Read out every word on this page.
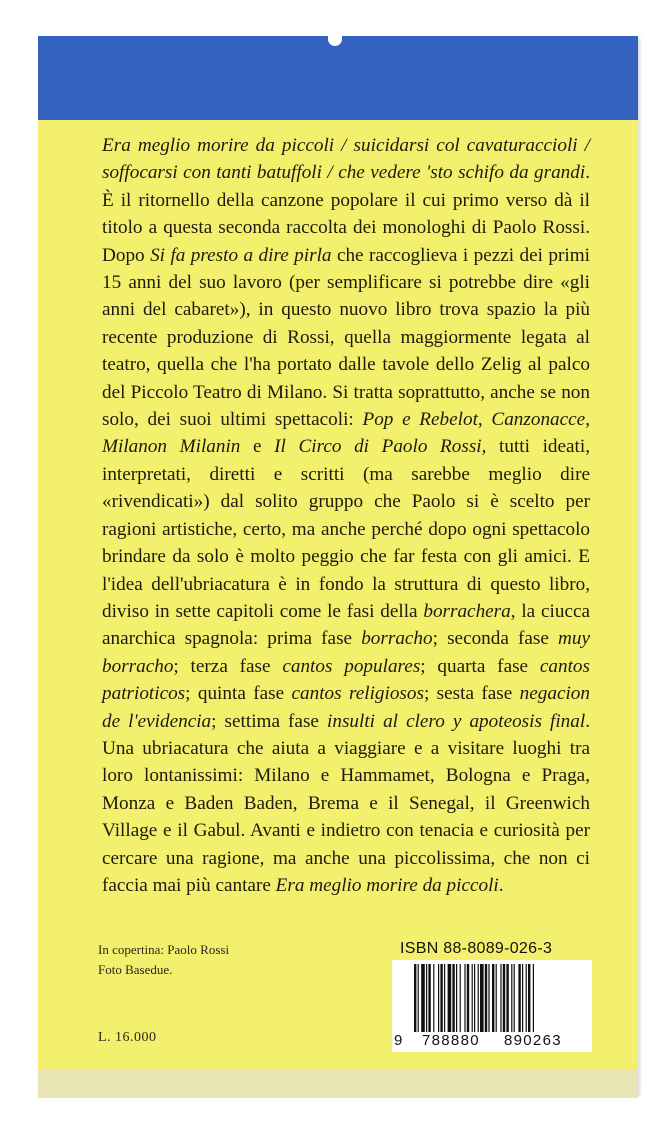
Era meglio morire da piccoli / suicidarsi col cavaturaccioli / soffocarsi con tanti batuffoli / che vedere 'sto schifo da grandi. È il ritornello della canzone popolare il cui primo verso dà il titolo a questa seconda raccolta dei monologhi di Paolo Rossi. Dopo Si fa presto a dire pirla che raccoglieva i pezzi dei primi 15 anni del suo lavoro (per semplificare si potrebbe dire «gli anni del cabaret»), in questo nuovo libro trova spazio la più recente produzione di Rossi, quella maggiormente legata al teatro, quella che l'ha portato dalle tavole dello Zelig al palco del Piccolo Teatro di Milano. Si tratta soprattutto, anche se non solo, dei suoi ultimi spettacoli: Pop e Rebelot, Canzonacce, Milanon Milanin e Il Circo di Paolo Rossi, tutti ideati, interpretati, diretti e scritti (ma sarebbe meglio dire «rivendicati») dal solito gruppo che Paolo si è scelto per ragioni artistiche, certo, ma anche perché dopo ogni spettacolo brindare da solo è molto peggio che far festa con gli amici. E l'idea dell'ubriacatura è in fondo la struttura di questo libro, diviso in sette capitoli come le fasi della borrachera, la ciucca anarchica spagnola: prima fase borracho; seconda fase muy borracho; terza fase cantos populares; quarta fase cantos patrioticos; quinta fase cantos religiosos; sesta fase negacion de l'evidencia; settima fase insulti al clero y apoteosis final. Una ubriacatura che aiuta a viaggiare e a visitare luoghi tra loro lontanissimi: Milano e Hammamet, Bologna e Praga, Monza e Baden Baden, Brema e il Senegal, il Greenwich Village e il Gabul. Avanti e indietro con tenacia e curiosità per cercare una ragione, ma anche una piccolissima, che non ci faccia mai più cantare Era meglio morire da piccoli.
In copertina: Paolo Rossi
Foto Basedue.
L. 16.000
ISBN 88-8089-026-3
9 788880 890263
